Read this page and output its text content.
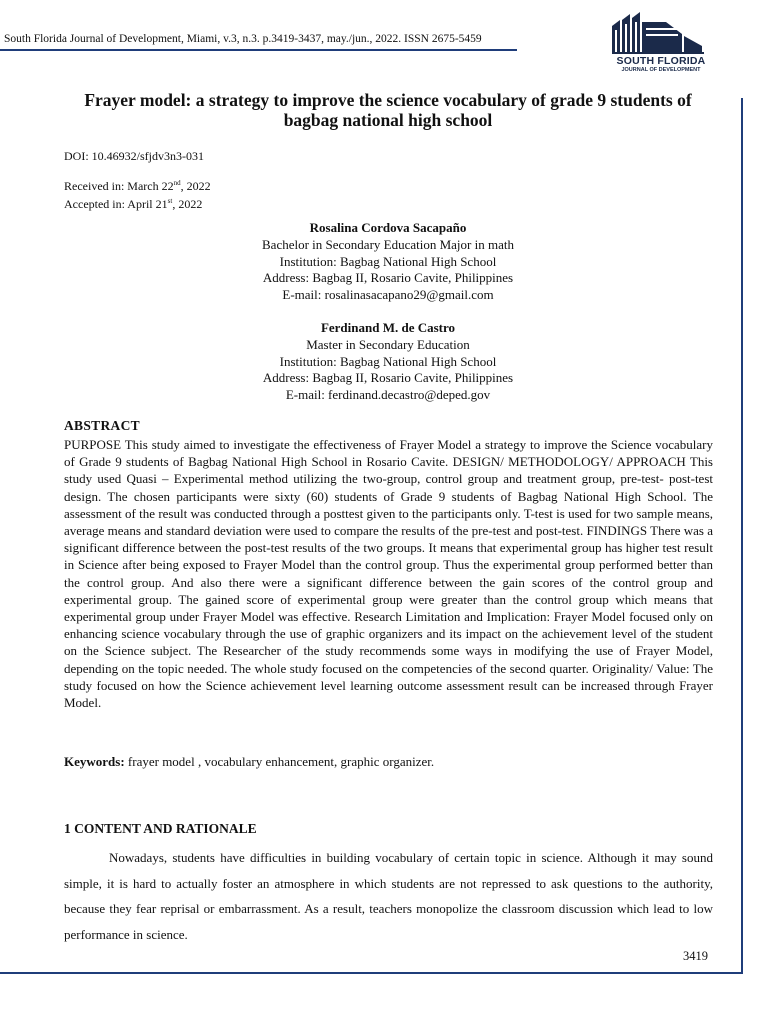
South Florida Journal of Development, Miami, v.3, n.3. p.3419-3437, may./jun., 2022. ISSN 2675-5459
SOUTH FLORIDA
JOURNAL OF DEVELOPMENT
Frayer model: a strategy to improve the science vocabulary of grade 9 students of bagbag national high school
DOI: 10.46932/sfjdv3n3-031
Received in: March 22nd, 2022
Accepted in: April 21st, 2022
Rosalina Cordova Sacapaño
Bachelor in Secondary Education Major in math
Institution: Bagbag National High School
Address: Bagbag II, Rosario Cavite, Philippines
E-mail: rosalinasacapano29@gmail.com
Ferdinand M. de Castro
Master in Secondary Education
Institution: Bagbag National High School
Address: Bagbag II, Rosario Cavite, Philippines
E-mail: ferdinand.decastro@deped.gov
ABSTRACT
PURPOSE This study aimed to investigate the effectiveness of Frayer Model a strategy to improve the Science vocabulary of Grade 9 students of Bagbag National High School in Rosario Cavite. DESIGN/ METHODOLOGY/ APPROACH This study used Quasi – Experimental method utilizing the two-group, control group and treatment group, pre-test- post-test design. The chosen participants were sixty (60) students of Grade 9 students of Bagbag National High School. The assessment of the result was conducted through a posttest given to the participants only. T-test is used for two sample means, average means and standard deviation were used to compare the results of the pre-test and post-test. FINDINGS There was a significant difference between the post-test results of the two groups. It means that experimental group has higher test result in Science after being exposed to Frayer Model than the control group. Thus the experimental group performed better than the control group. And also there were a significant difference between the gain scores of the control group and experimental group. The gained score of experimental group were greater than the control group which means that experimental group under Frayer Model was effective. Research Limitation and Implication: Frayer Model focused only on enhancing science vocabulary through the use of graphic organizers and its impact on the achievement level of the student on the Science subject. The Researcher of the study recommends some ways in modifying the use of Frayer Model, depending on the topic needed. The whole study focused on the competencies of the second quarter. Originality/ Value: The study focused on how the Science achievement level learning outcome assessment result can be increased through Frayer Model.
Keywords: frayer model , vocabulary enhancement, graphic organizer.
1 CONTENT AND RATIONALE
Nowadays, students have difficulties in building vocabulary of certain topic in science. Although it may sound simple, it is hard to actually foster an atmosphere in which students are not repressed to ask questions to the authority, because they fear reprisal or embarrassment. As a result, teachers monopolize the classroom discussion which lead to low performance in science.
3419
